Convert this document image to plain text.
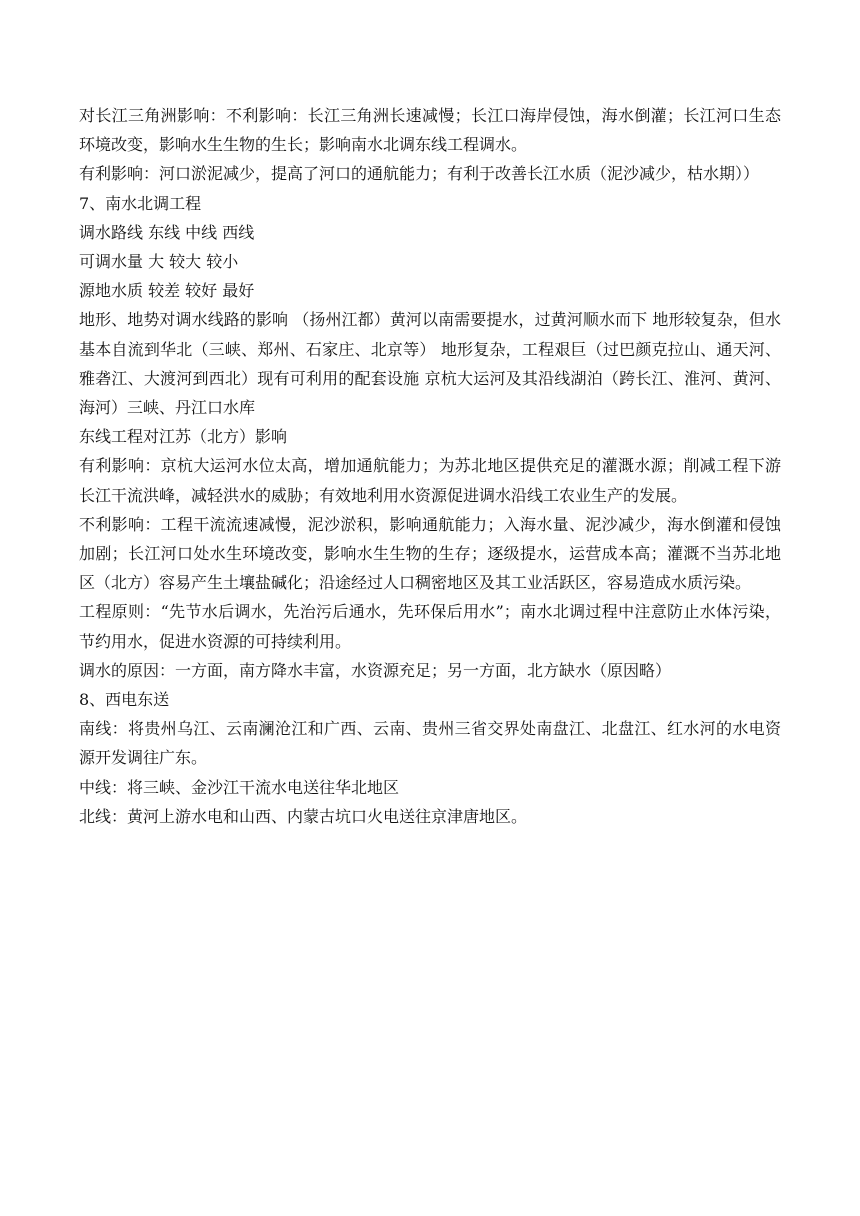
对长江三角洲影响：不利影响：长江三角洲长速减慢；长江口海岸侵蚀，海水倒灌；长江河口生态环境改变，影响水生生物的生长；影响南水北调东线工程调水。

有利影响：河口淤泥减少，提高了河口的通航能力；有利于改善长江水质（泥沙减少，枯水期））

7、南水北调工程

调水路线 东线 中线 西线

可调水量 大 较大 较小

源地水质 较差 较好 最好

地形、地势对调水线路的影响 （扬州江都）黄河以南需要提水，过黄河顺水而下 地形较复杂，但水基本自流到华北（三峡、郑州、石家庄、北京等） 地形复杂，工程艰巨（过巴颜克拉山、通天河、雅砻江、大渡河到西北）现有可利用的配套设施 京杭大运河及其沿线湖泊（跨长江、淮河、黄河、海河）三峡、丹江口水库

东线工程对江苏（北方）影响

有利影响：京杭大运河水位太高，增加通航能力；为苏北地区提供充足的灌溉水源；削减工程下游长江干流洪峰，减轻洪水的威胁；有效地利用水资源促进调水沿线工农业生产的发展。

不利影响：工程干流流速减慢，泥沙淤积，影响通航能力；入海水量、泥沙减少，海水倒灌和侵蚀加剧；长江河口处水生环境改变，影响水生生物的生存；逐级提水，运营成本高；灌溉不当苏北地区（北方）容易产生土壤盐碱化；沿途经过人口稠密地区及其工业活跃区，容易造成水质污染。

工程原则：“先节水后调水，先治污后通水，先环保后用水”；南水北调过程中注意防止水体污染，节约用水，促进水资源的可持续利用。

调水的原因：一方面，南方降水丰富，水资源充足；另一方面，北方缺水（原因略）

8、西电东送

南线：将贵州乌江、云南澜沧江和广西、云南、贵州三省交界处南盘江、北盘江、红水河的水电资源开发调往广东。

中线：将三峡、金沙江干流水电送往华北地区

北线：黄河上游水电和山西、内蒙古坑口火电送往京津唐地区。
